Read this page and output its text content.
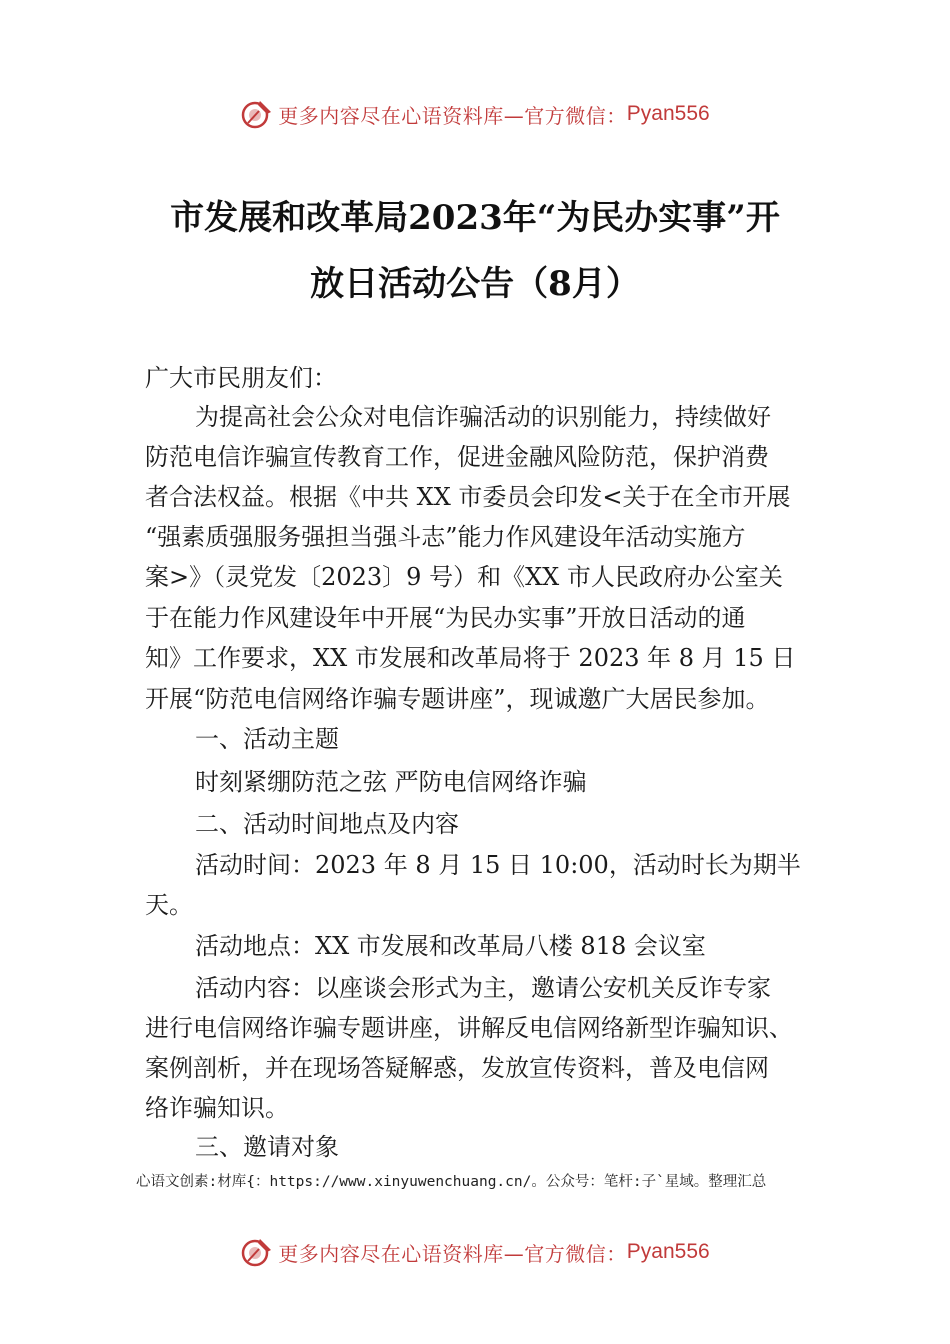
更多内容尽在心语资料库—官方微信： Pyan556
市发展和改革局2023年“为民办实事”开
放日活动公告（8月）
广大市民朋友们：
为提高社会公众对电信诈骗活动的识别能力，持续做好
防范电信诈骗宣传教育工作，促进金融风险防范，保护消费
者合法权益。根据《中共 XX 市委员会印发<关于在全市开展
“强素质强服务强担当强斗志”能力作风建设年活动实施方
案>》（灵党发〔2023〕9 号）和《XX 市人民政府办公室关
于在能力作风建设年中开展“为民办实事”开放日活动的通
知》工作要求，XX 市发展和改革局将于 2023 年 8 月 15 日
开展“防范电信网络诈骗专题讲座”，现诚邀广大居民参加。
一、活动主题
时刻紧绷防范之弦 严防电信网络诈骗
二、活动时间地点及内容
活动时间：2023 年 8 月 15 日 10:00，活动时长为期半
天。
活动地点：XX 市发展和改革局八楼 818 会议室
活动内容：以座谈会形式为主，邀请公安机关反诈专家
进行电信网络诈骗专题讲座，讲解反电信网络新型诈骗知识、
案例剖析，并在现场答疑解惑，发放宣传资料，普及电信网
络诈骗知识。
三、邀请对象
心语文创素:材库{：https://www.xinyuwenchuang.cn/。公众号：笔杆:子`星域。整理汇总
更多内容尽在心语资料库—官方微信： Pyan556
